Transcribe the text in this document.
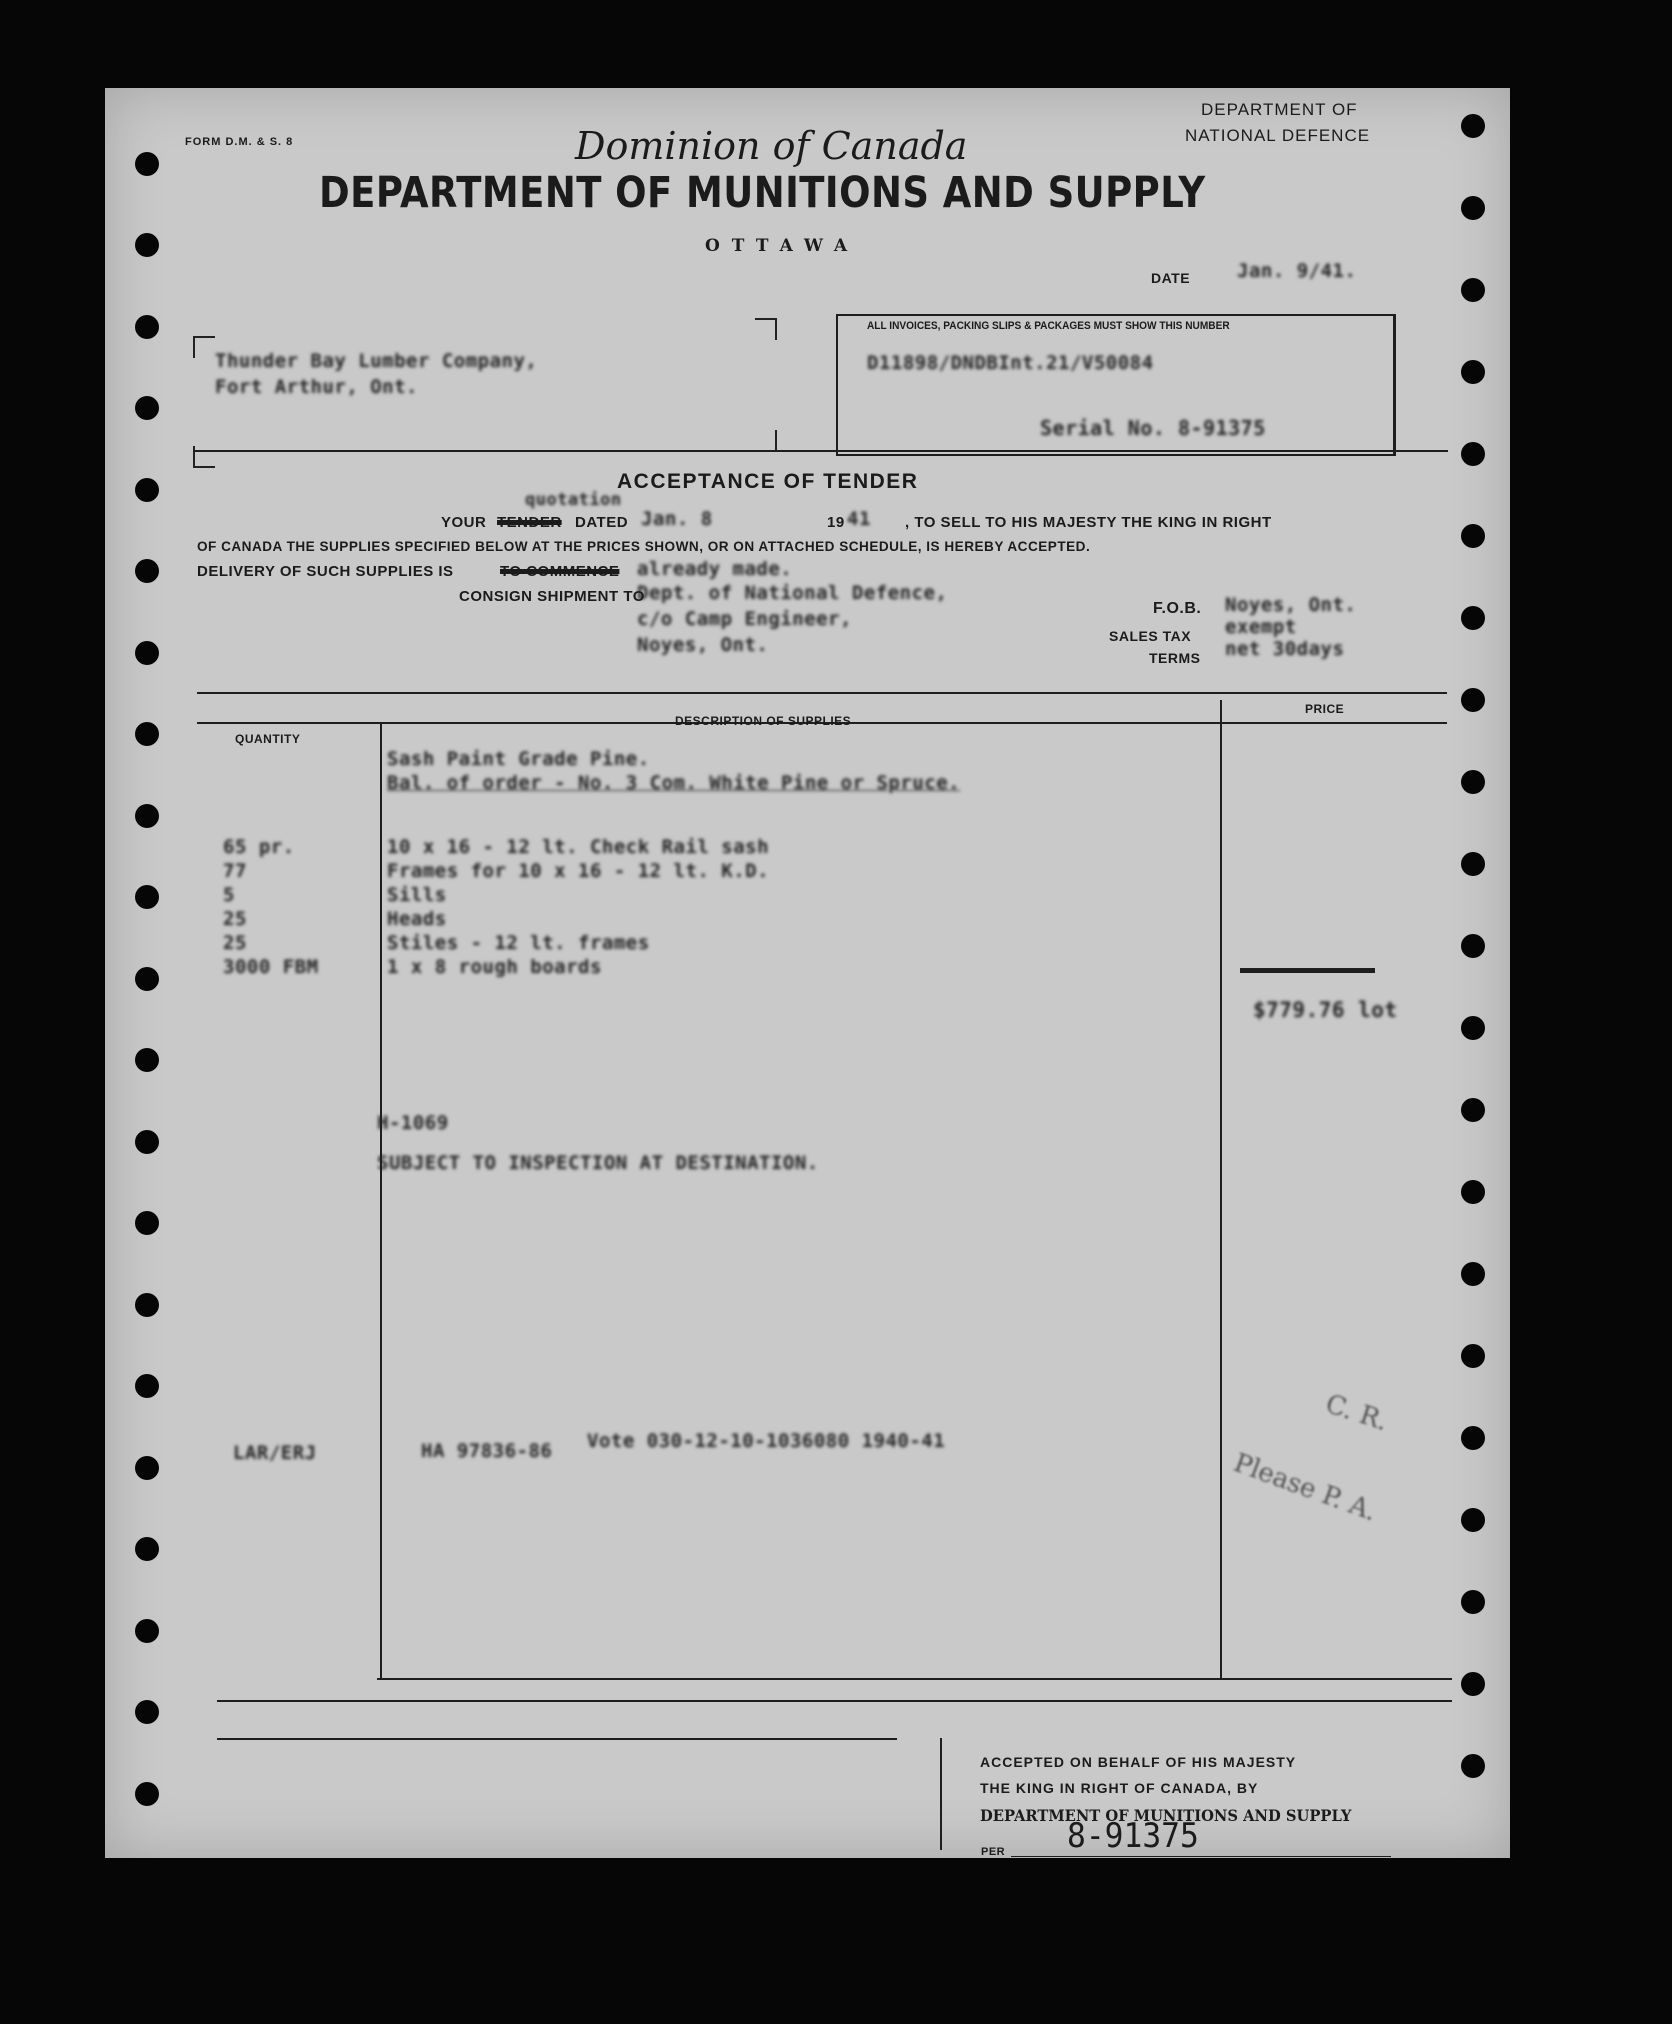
FORM D.M. & S. 8	Dominion of Canada
DEPARTMENT OF
NATIONAL DEFENCE
DEPARTMENT OF MUNITIONS AND SUPPLY
OTTAWA
DATE Jan. 9/41.
Thunder Bay Lumber Company,
Fort Arthur, Ont.
ALL INVOICES, PACKING SLIPS & PACKAGES MUST SHOW THIS NUMBER
D11898/DNDBInt.21/V50084
Serial No. 8-91375
ACCEPTANCE OF TENDER
quotation
YOUR TENDER DATED Jan. 8	19 41 , TO SELL TO HIS MAJESTY THE KING IN RIGHT
OF CANADA THE SUPPLIES SPECIFIED BELOW AT THE PRICES SHOWN, OR ON ATTACHED SCHEDULE, IS HEREBY ACCEPTED.
DELIVERY OF SUCH SUPPLIES IS	TO COMMENCE already made.
CONSIGN SHIPMENT TO
Dept. of National Defence,
c/o Camp Engineer,
Noyes, Ont.
F.O.B. Noyes, Ont.
SALES TAX exempt
TERMS net 30days
QUANTITY
DESCRIPTION OF SUPPLIES
PRICE
Sash Paint Grade Pine.
Bal. of order - No. 3 Com. White Pine or Spruce.
65 pr.	10 x 16 - 12 lt. Check Rail sash
77	Frames for 10 x 16 - 12 lt. K.D.
5	Sills
25	Heads
25	Stiles - 12 lt. frames
3000 FBM	1 x 8 rough boards
$779.76 lot
H-1069
SUBJECT TO INSPECTION AT DESTINATION.
LAR/ERJ	HA 97836-86 Vote 030-12-10-1036080 1940-41
C. R.
Please P. A.
ACCEPTED ON BEHALF OF HIS MAJESTY
THE KING IN RIGHT OF CANADA, BY
DEPARTMENT OF MUNITIONS AND SUPPLY
PER 8-91375
